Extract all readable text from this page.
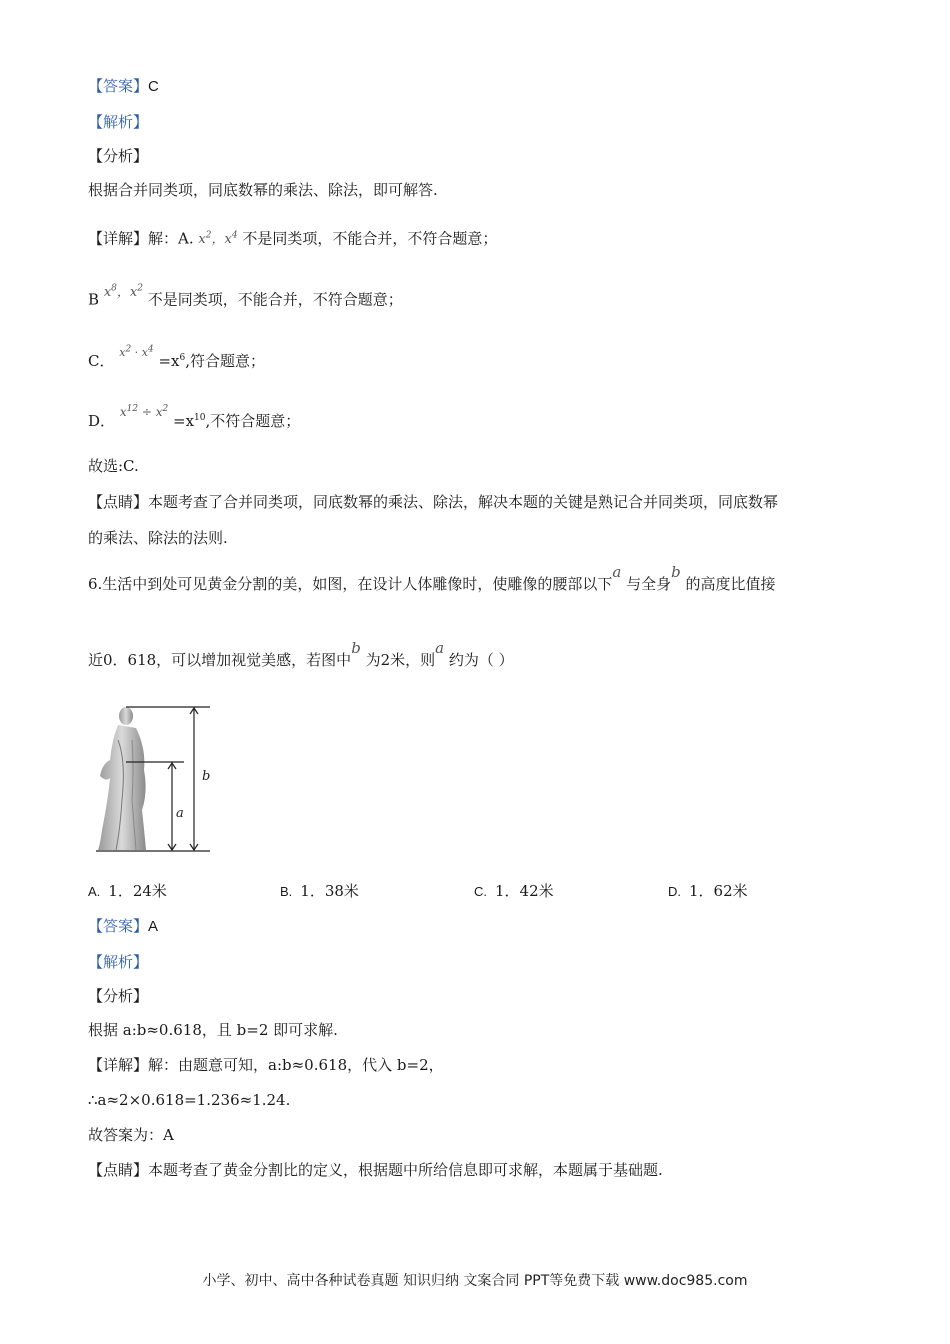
【答案】C
【解析】
【分析】
根据合并同类项，同底数幂的乘法、除法，即可解答.
【详解】解：A. $x^2$，$x^4$ 不是同类项，不能合并，不符合题意；
B $x^8$，$x^2$ 不是同类项，不能合并，不符合题意；
C． $^{x^2 \cdot x^4} =x^6$,符合题意；
D． $^{x^{12} \div x^2} =x^{10}$,不符合题意；
故选:C.
【点睛】本题考查了合并同类项，同底数幂的乘法、除法，解决本题的关键是熟记合并同类项，同底数幂
的乘法、除法的法则.
6.生活中到处可见黄金分割的美，如图，在设计人体雕像时，使雕像的腰部以下a 与全身b 的高度比值接
近0．618，可以增加视觉美感，若图中b 为2米，则a 约为（ ）
b
a
A. 1．24米	B. 1．38米	C. 1．42米	D. 1．62米
【答案】A
【解析】
【分析】
根据 a:b≈0.618，且 b=2 即可求解.
【详解】解：由题意可知，a:b≈0.618，代入 b=2，
∴a≈2×0.618=1.236≈1.24.
故答案为：A
【点睛】本题考查了黄金分割比的定义，根据题中所给信息即可求解，本题属于基础题.
小学、初中、高中各种试卷真题 知识归纳 文案合同 PPT等免费下载 www.doc985.com
